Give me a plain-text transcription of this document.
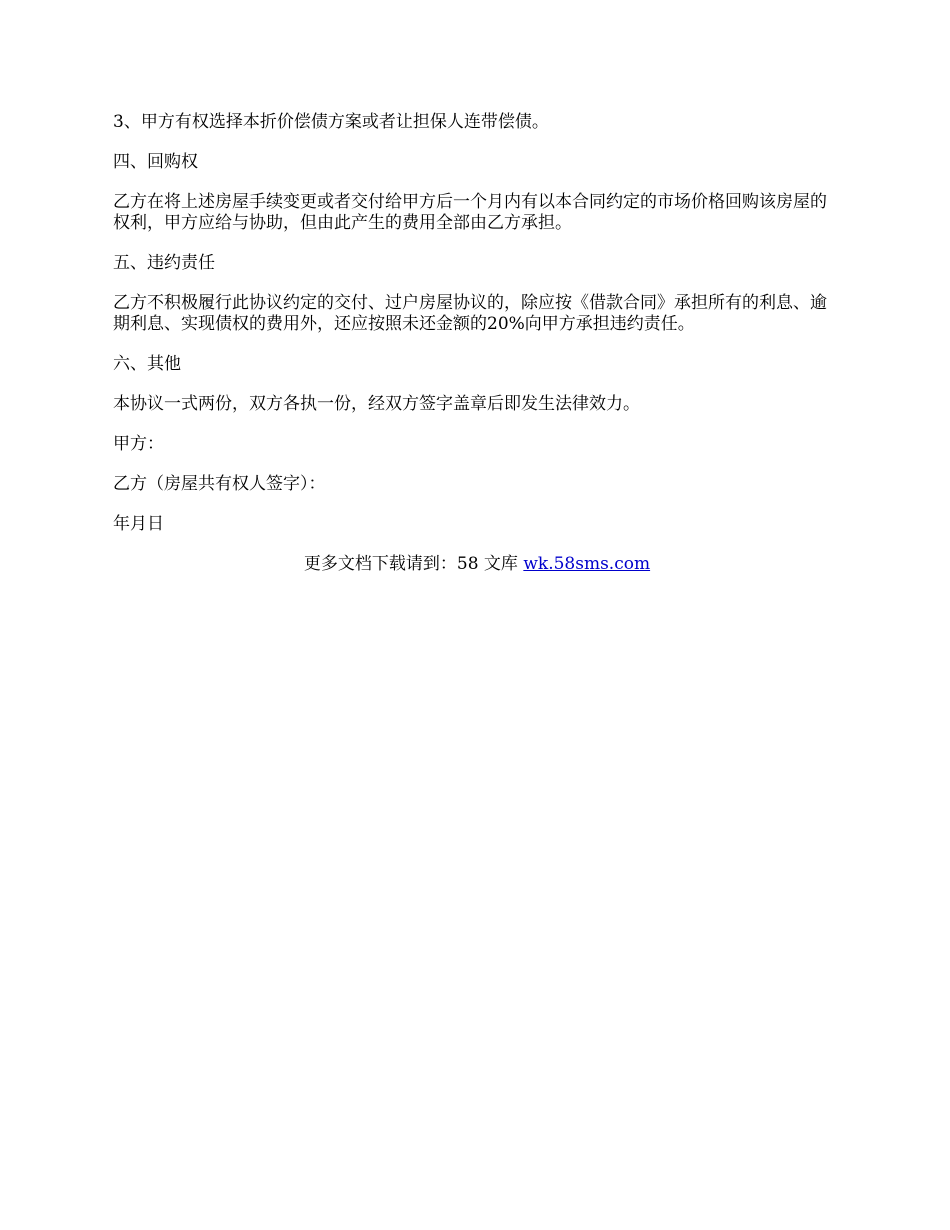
3、甲方有权选择本折价偿债方案或者让担保人连带偿债。

四、回购权

乙方在将上述房屋手续变更或者交付给甲方后一个月内有以本合同约定的市场价格回购该房屋的权利，甲方应给与协助，但由此产生的费用全部由乙方承担。

五、违约责任

乙方不积极履行此协议约定的交付、过户房屋协议的，除应按《借款合同》承担所有的利息、逾期利息、实现债权的费用外，还应按照未还金额的20%向甲方承担违约责任。

六、其他

本协议一式两份，双方各执一份，经双方签字盖章后即发生法律效力。

甲方：

乙方（房屋共有权人签字）：

年月日

更多文档下载请到：58 文库 wk.58sms.com
